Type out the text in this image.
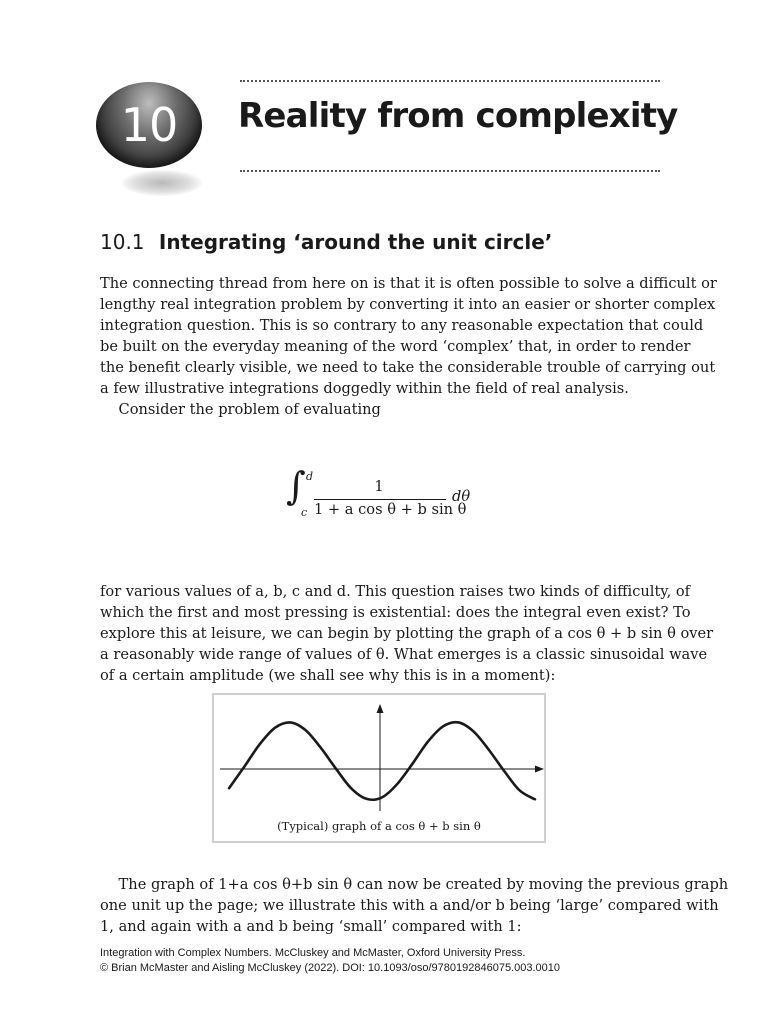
10	Reality from complexity
10.1 Integrating ‘around the unit circle’
The connecting thread from here on is that it is often possible to solve a difficult or
lengthy real integration problem by converting it into an easier or shorter complex
integration question. This is so contrary to any reasonable expectation that could
be built on the everyday meaning of the word ‘complex’ that, in order to render
the benefit clearly visible, we need to take the considerable trouble of carrying out
a few illustrative integrations doggedly within the field of real analysis.
Consider the problem of evaluating
∫ d
c
1
1 + a cos θ + b sin θ
dθ
for various values of a, b, c and d. This question raises two kinds of difficulty, of
which the first and most pressing is existential: does the integral even exist? To
explore this at leisure, we can begin by plotting the graph of a cos θ + b sin θ over
a reasonably wide range of values of θ. What emerges is a classic sinusoidal wave
of a certain amplitude (we shall see why this is in a moment):
(Typical) graph of a cos θ + b sin θ
The graph of 1+a cos θ+b sin θ can now be created by moving the previous graph
one unit up the page; we illustrate this with a and/or b being ‘large’ compared with
1, and again with a and b being ‘small’ compared with 1:
Integration with Complex Numbers. McCluskey and McMaster, Oxford University Press.
© Brian McMaster and Aisling McCluskey (2022). DOI: 10.1093/oso/9780192846075.003.0010
